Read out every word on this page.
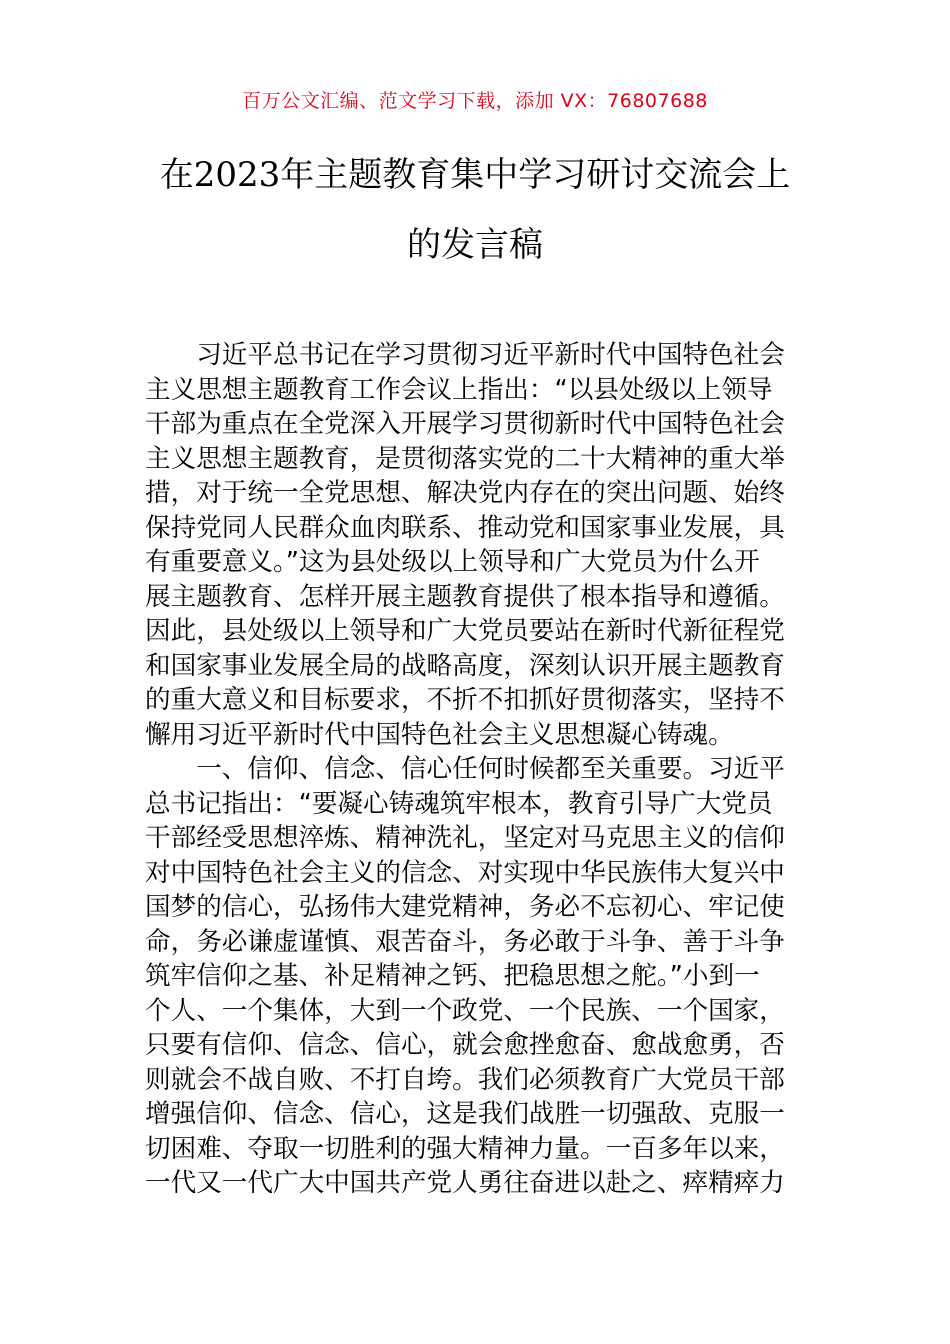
百万公文汇编、范文学习下载，添加 VX：76807688
在2023年主题教育集中学习研讨交流会上
的发言稿
　　习近平总书记在学习贯彻习近平新时代中国特色社会
主义思想主题教育工作会议上指出：“以县处级以上领导
干部为重点在全党深入开展学习贯彻新时代中国特色社会
主义思想主题教育，是贯彻落实党的二十大精神的重大举
措，对于统一全党思想、解决党内存在的突出问题、始终
保持党同人民群众血肉联系、推动党和国家事业发展，具
有重要意义。”这为县处级以上领导和广大党员为什么开
展主题教育、怎样开展主题教育提供了根本指导和遵循。
因此，县处级以上领导和广大党员要站在新时代新征程党
和国家事业发展全局的战略高度，深刻认识开展主题教育
的重大意义和目标要求，不折不扣抓好贯彻落实，坚持不
懈用习近平新时代中国特色社会主义思想凝心铸魂。
　　一、信仰、信念、信心任何时候都至关重要。习近平
总书记指出：“要凝心铸魂筑牢根本，教育引导广大党员
干部经受思想淬炼、精神洗礼，坚定对马克思主义的信仰
对中国特色社会主义的信念、对实现中华民族伟大复兴中
国梦的信心，弘扬伟大建党精神，务必不忘初心、牢记使
命，务必谦虚谨慎、艰苦奋斗，务必敢于斗争、善于斗争
筑牢信仰之基、补足精神之钙、把稳思想之舵。”小到一
个人、一个集体，大到一个政党、一个民族、一个国家，
只要有信仰、信念、信心，就会愈挫愈奋、愈战愈勇，否
则就会不战自败、不打自垮。我们必须教育广大党员干部
增强信仰、信念、信心，这是我们战胜一切强敌、克服一
切困难、夺取一切胜利的强大精神力量。一百多年以来，
一代又一代广大中国共产党人勇往奋进以赴之、瘁精瘁力
